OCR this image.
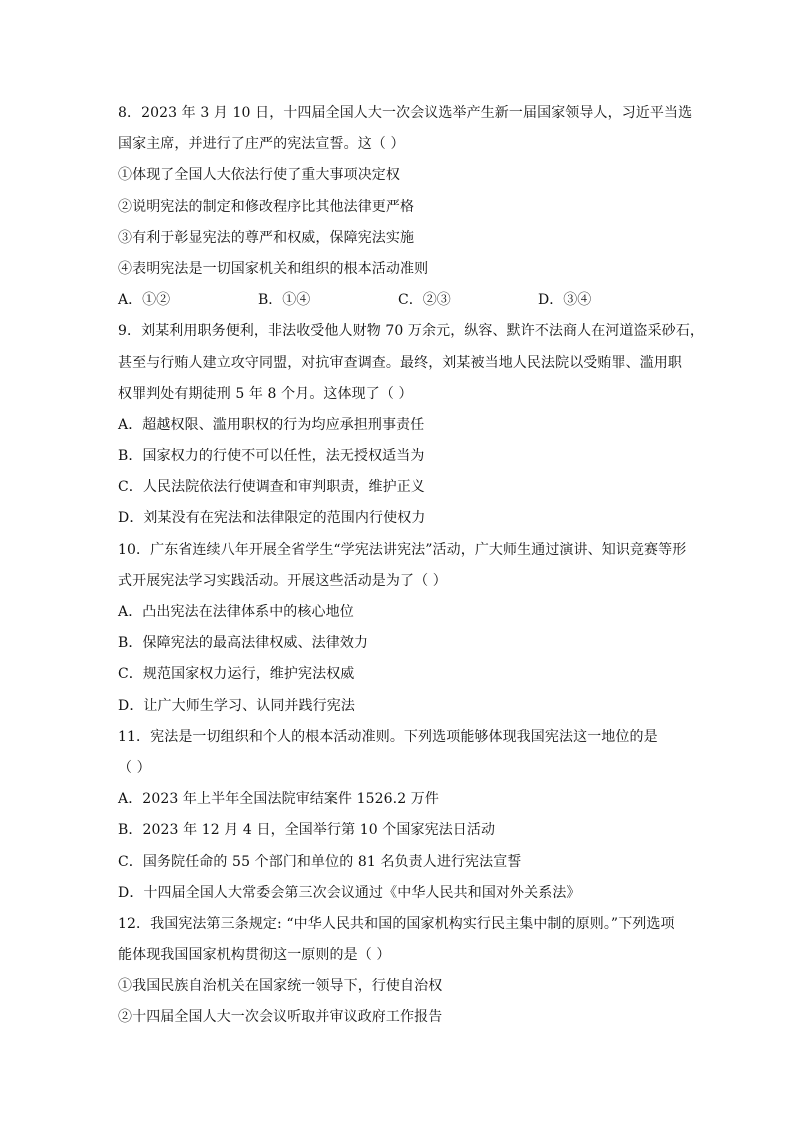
8．2023 年 3 月 10 日，十四届全国人大一次会议选举产生新一届国家领导人，习近平当选
国家主席，并进行了庄严的宪法宣誓。这（ ）
①体现了全国人大依法行使了重大事项决定权
②说明宪法的制定和修改程序比其他法律更严格
③有利于彰显宪法的尊严和权威，保障宪法实施
④表明宪法是一切国家机关和组织的根本活动准则
A．①②	B．①④	C．②③	D．③④
9．刘某利用职务便利，非法收受他人财物 70 万余元，纵容、默许不法商人在河道盗采砂石，
甚至与行贿人建立攻守同盟，对抗审查调查。最终，刘某被当地人民法院以受贿罪、滥用职
权罪判处有期徒刑 5 年 8 个月。这体现了（ ）
A．超越权限、滥用职权的行为均应承担刑事责任
B．国家权力的行使不可以任性，法无授权适当为
C．人民法院依法行使调查和审判职责，维护正义
D．刘某没有在宪法和法律限定的范围内行使权力
10．广东省连续八年开展全省学生“学宪法讲宪法”活动，广大师生通过演讲、知识竞赛等形
式开展宪法学习实践活动。开展这些活动是为了（ ）
A．凸出宪法在法律体系中的核心地位
B．保障宪法的最高法律权威、法律效力
C．规范国家权力运行，维护宪法权威
D．让广大师生学习、认同并践行宪法
11．宪法是一切组织和个人的根本活动准则。下列选项能够体现我国宪法这一地位的是
（ ）
A．2023 年上半年全国法院审结案件 1526.2 万件
B．2023 年 12 月 4 日，全国举行第 10 个国家宪法日活动
C．国务院任命的 55 个部门和单位的 81 名负责人进行宪法宣誓
D．十四届全国人大常委会第三次会议通过《中华人民共和国对外关系法》
12．我国宪法第三条规定: “中华人民共和国的国家机构实行民主集中制的原则。”下列选项
能体现我国国家机构贯彻这一原则的是（ ）
①我国民族自治机关在国家统一领导下，行使自治权
②十四届全国人大一次会议听取并审议政府工作报告
